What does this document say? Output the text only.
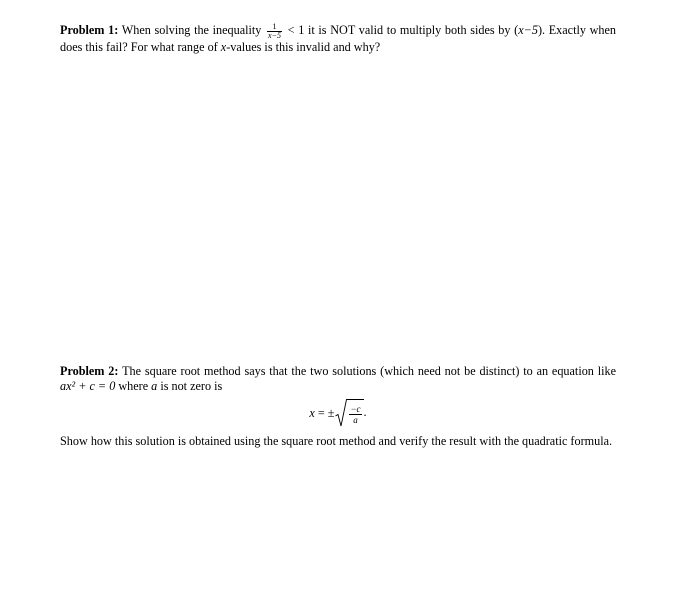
Problem 1: When solving the inequality $\frac{1}{x-5} < 1$ it is NOT valid to multiply both sides by (x−5). Exactly when does this fail? For what range of x-values is this invalid and why?

Problem 2: The square root method says that the two solutions (which need not be distinct) to an equation like ax² + c = 0 where a is not zero is

x = ± $\frac{-c}{a}$ .

Show how this solution is obtained using the square root method and verify the result with the quadratic formula.
